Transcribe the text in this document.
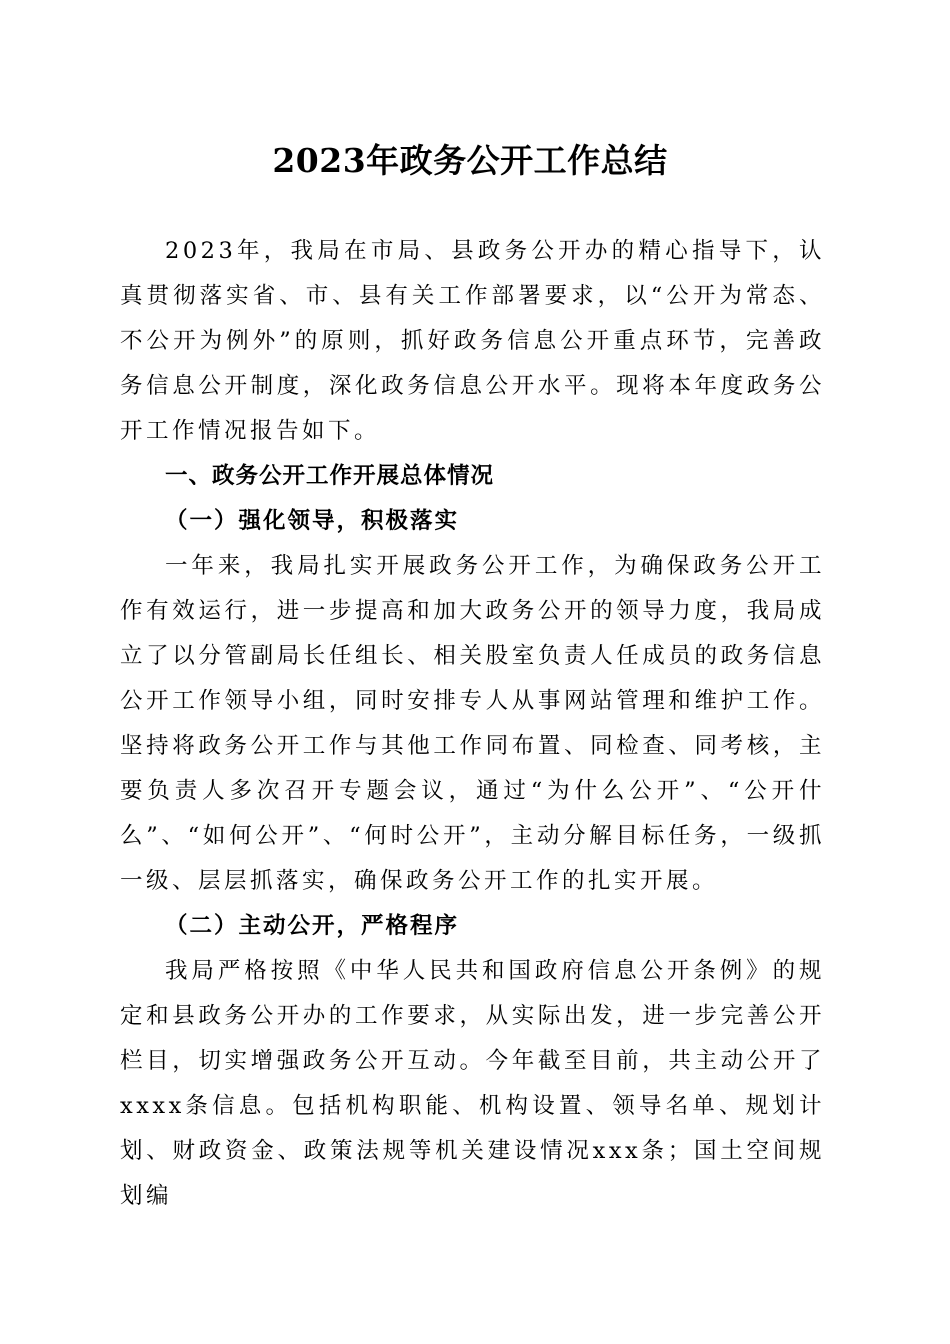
2023年政务公开工作总结

2023年，我局在市局、县政务公开办的精心指导下，认真贯彻落实省、市、县有关工作部署要求，以“公开为常态、不公开为例外”的原则，抓好政务信息公开重点环节，完善政务信息公开制度，深化政务信息公开水平。现将本年度政务公开工作情况报告如下。

一、政务公开工作开展总体情况

（一）强化领导，积极落实

一年来，我局扎实开展政务公开工作，为确保政务公开工作有效运行，进一步提高和加大政务公开的领导力度，我局成立了以分管副局长任组长、相关股室负责人任成员的政务信息公开工作领导小组，同时安排专人从事网站管理和维护工作。坚持将政务公开工作与其他工作同布置、同检查、同考核，主要负责人多次召开专题会议，通过“为什么公开”、“公开什么”、“如何公开”、“何时公开”，主动分解目标任务，一级抓一级、层层抓落实，确保政务公开工作的扎实开展。

（二）主动公开，严格程序

我局严格按照《中华人民共和国政府信息公开条例》的规定和县政务公开办的工作要求，从实际出发，进一步完善公开栏目，切实增强政务公开互动。今年截至目前，共主动公开了xxxx条信息。包括机构职能、机构设置、领导名单、规划计划、财政资金、政策法规等机关建设情况xxx条；国土空间规划编
